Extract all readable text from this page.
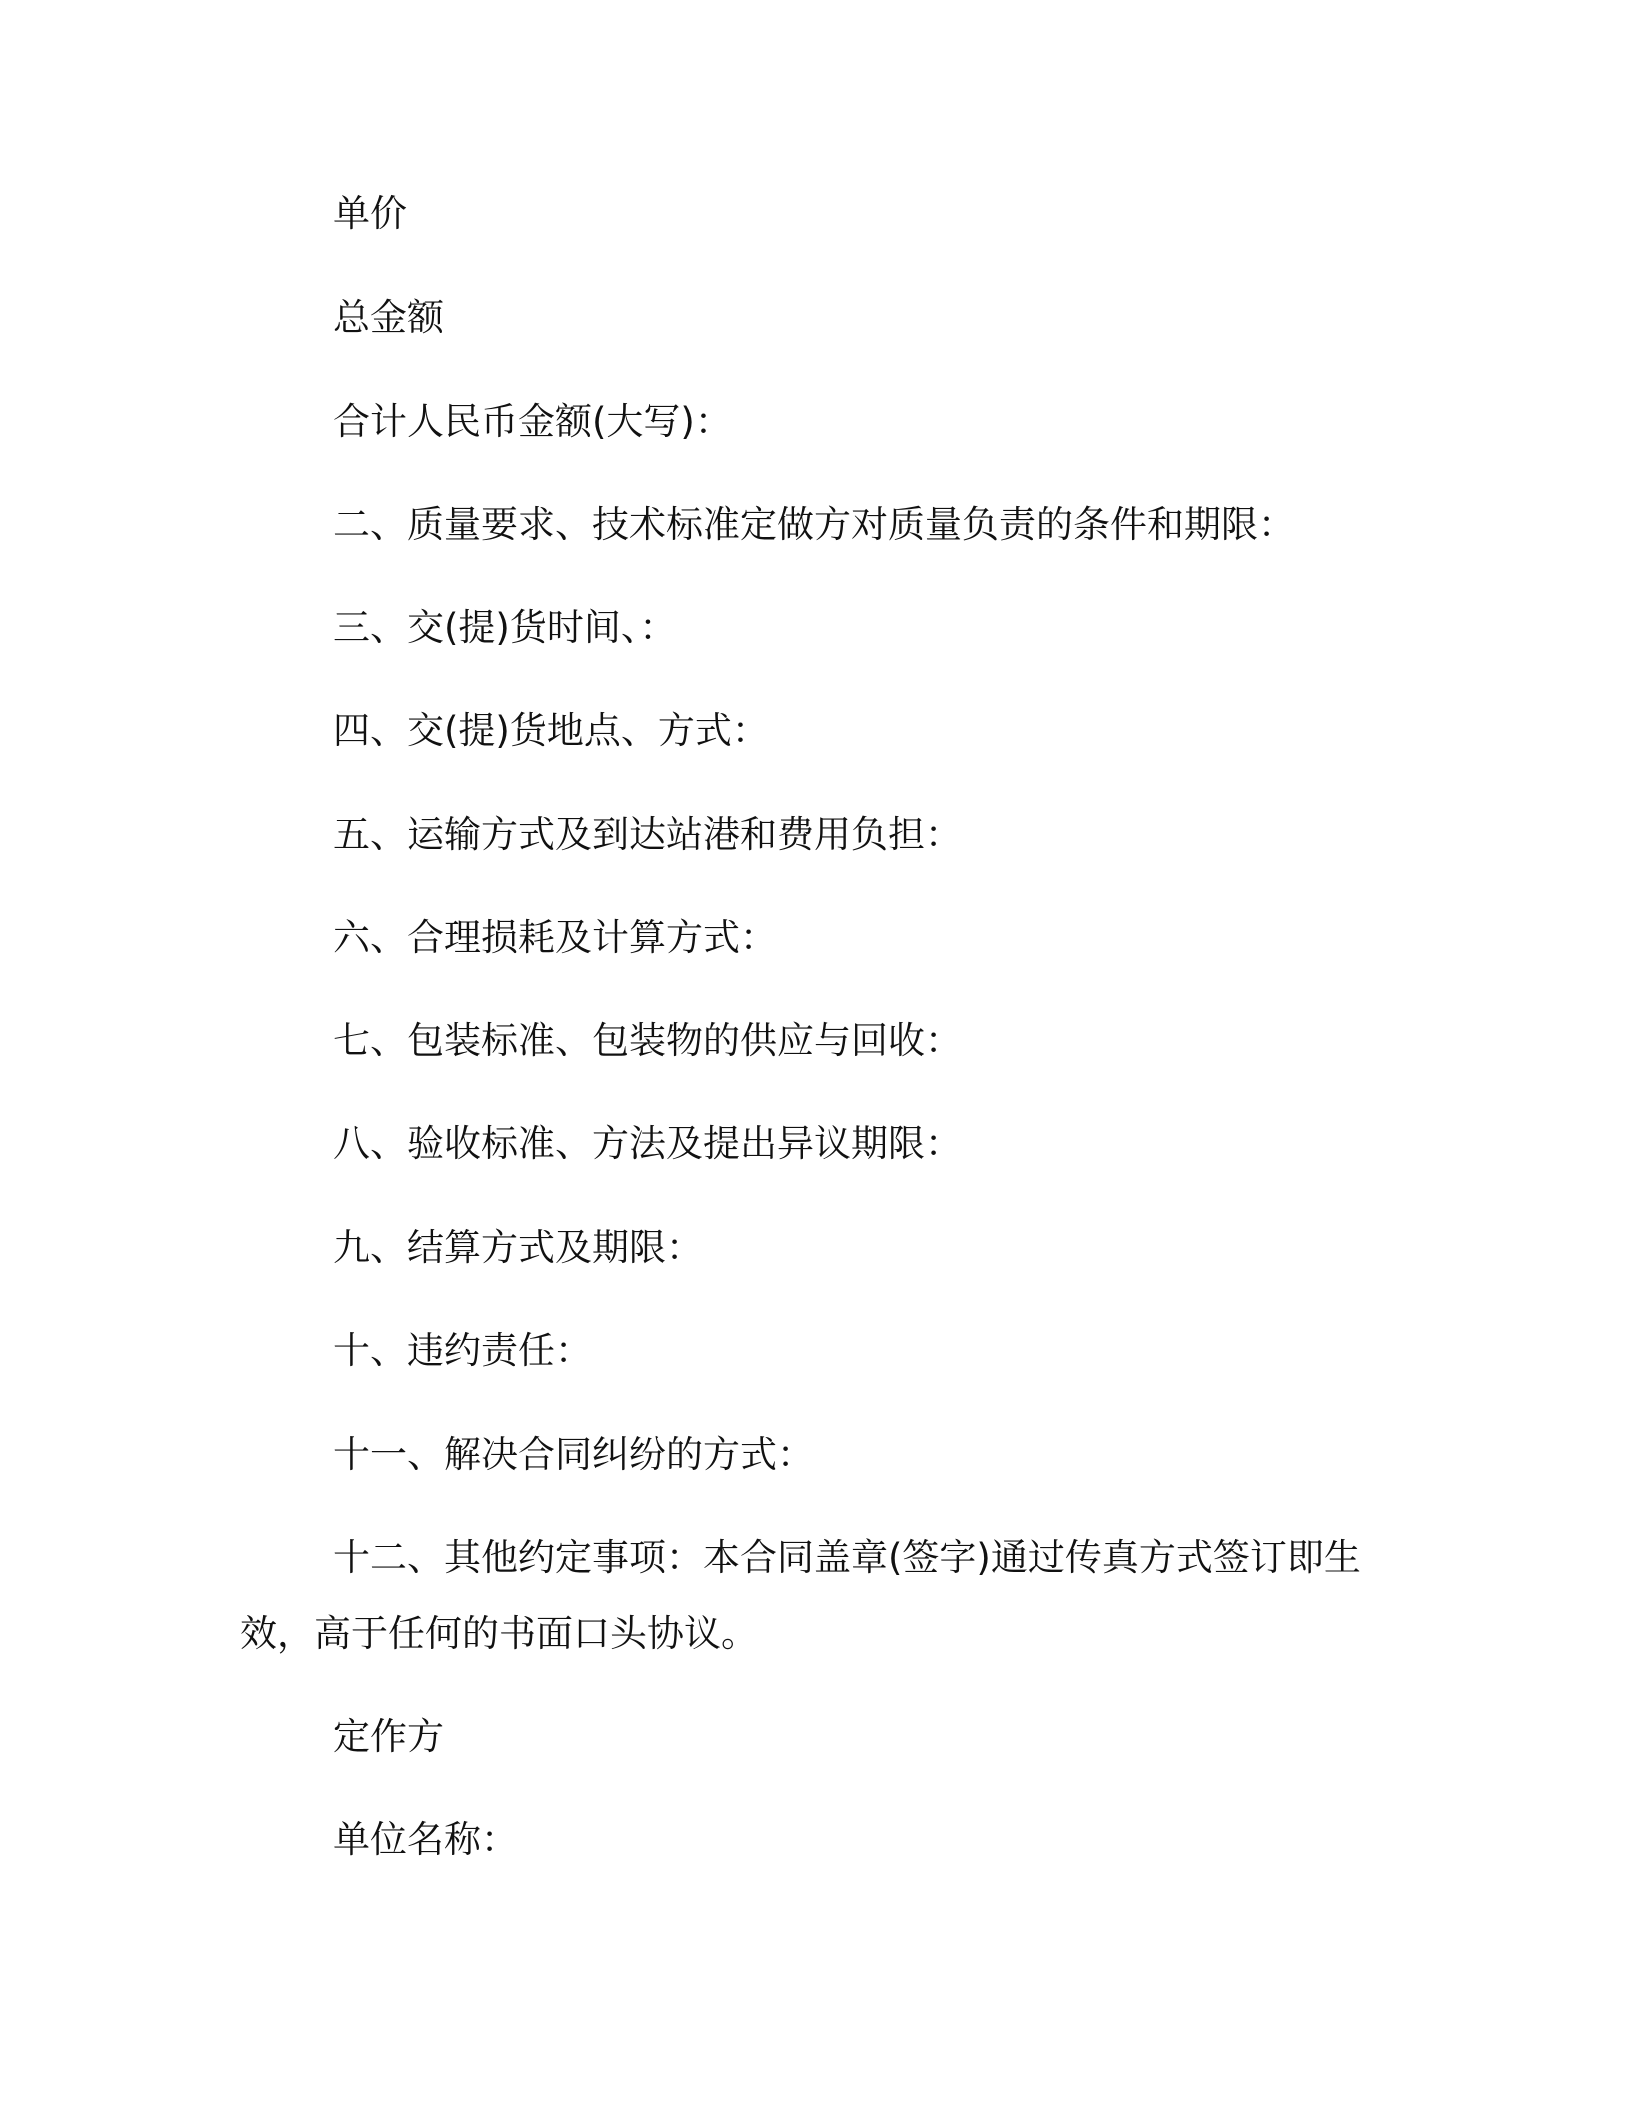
单价
总金额
合计人民币金额(大写)：
二、质量要求、技术标准定做方对质量负责的条件和期限：
三、交(提)货时间、：
四、交(提)货地点、方式：
五、运输方式及到达站港和费用负担：
六、合理损耗及计算方式：
七、包装标准、包装物的供应与回收：
八、验收标准、方法及提出异议期限：
九、结算方式及期限：
十、违约责任：
十一、解决合同纠纷的方式：
十二、其他约定事项：本合同盖章(签字)通过传真方式签订即生
效，高于任何的书面口头协议。
定作方
单位名称：
